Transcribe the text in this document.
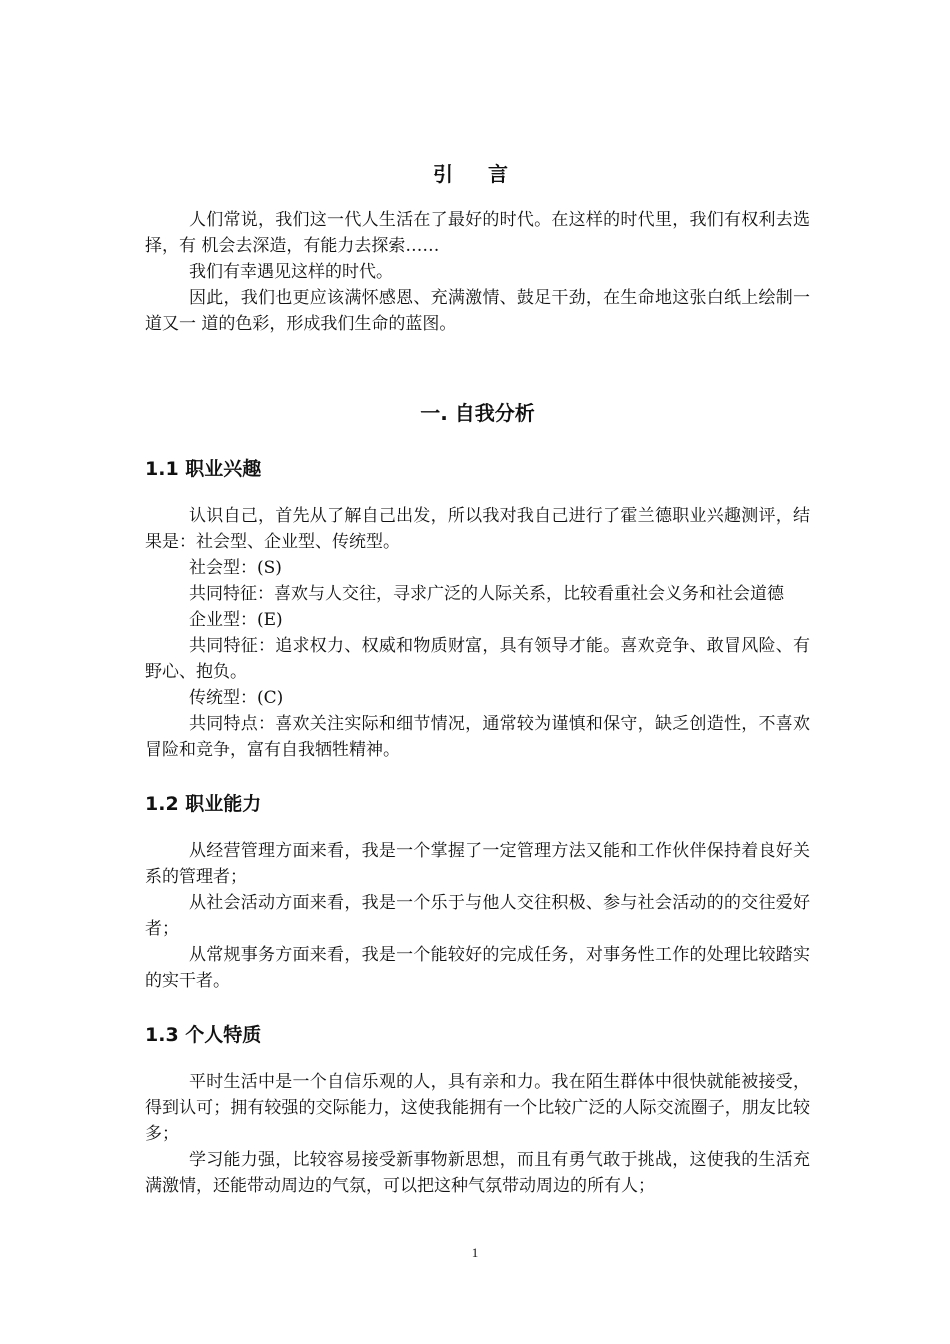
引 言

人们常说，我们这一代人生活在了最好的时代。在这样的时代里，我们有权利去选择，有 机会去深造，有能力去探索……

我们有幸遇见这样的时代。

因此，我们也更应该满怀感恩、充满激情、鼓足干劲，在生命地这张白纸上绘制一道又一 道的色彩，形成我们生命的蓝图。

一. 自我分析
1.1 职业兴趣

认识自己，首先从了解自己出发，所以我对我自己进行了霍兰德职业兴趣测评，结果是：社会型、企业型、传统型。

社会型：(S)

共同特征：喜欢与人交往，寻求广泛的人际关系，比较看重社会义务和社会道德

企业型：(E)

共同特征：追求权力、权威和物质财富，具有领导才能。喜欢竞争、敢冒风险、有野心、抱负。

传统型：(C)

共同特点：喜欢关注实际和细节情况，通常较为谨慎和保守，缺乏创造性，不喜欢冒险和竞争，富有自我牺牲精神。

1.2 职业能力

从经营管理方面来看，我是一个掌握了一定管理方法又能和工作伙伴保持着良好关系的管理者；

从社会活动方面来看，我是一个乐于与他人交往积极、参与社会活动的的交往爱好者；

从常规事务方面来看，我是一个能较好的完成任务，对事务性工作的处理比较踏实的实干者。

1.3 个人特质

平时生活中是一个自信乐观的人，具有亲和力。我在陌生群体中很快就能被接受，得到认可；拥有较强的交际能力，这使我能拥有一个比较广泛的人际交流圈子，朋友比较多；

学习能力强，比较容易接受新事物新思想，而且有勇气敢于挑战，这使我的生活充满激情，还能带动周边的气氛，可以把这种气氛带动周边的所有人；

1
